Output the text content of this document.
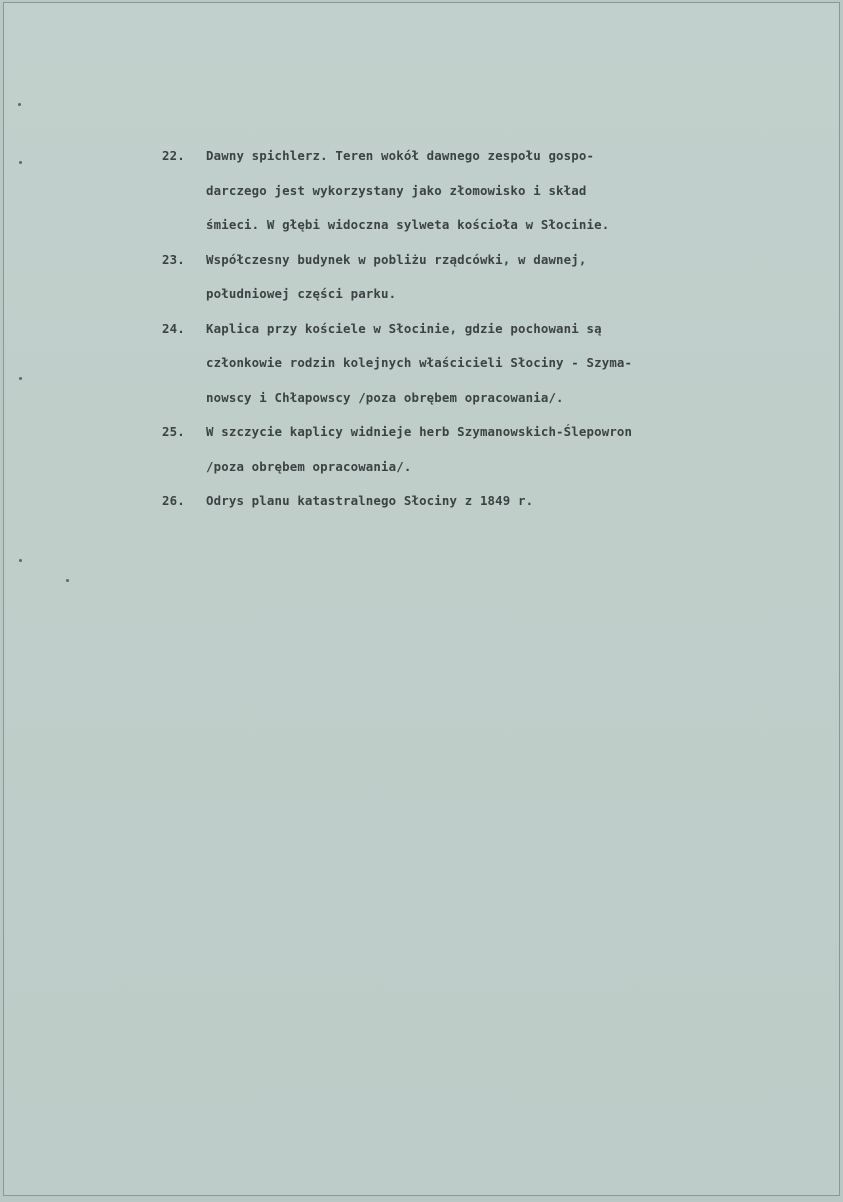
22.	Dawny spichlerz. Teren wokół dawnego zespołu gospo-
darczego jest wykorzystany jako złomowisko i skład
śmieci. W głębi widoczna sylweta kościoła w Słocinie.
23.	Współczesny budynek w pobliżu rządcówki, w dawnej,
południowej części parku.
24.	Kaplica przy kościele w Słocinie, gdzie pochowani są
członkowie rodzin kolejnych właścicieli Słociny - Szyma-
nowscy i Chłapowscy /poza obrębem opracowania/.
25.	W szczycie kaplicy widnieje herb Szymanowskich-Ślepowron
/poza obrębem opracowania/.
26.	Odrys planu katastralnego Słociny z 1849 r.
